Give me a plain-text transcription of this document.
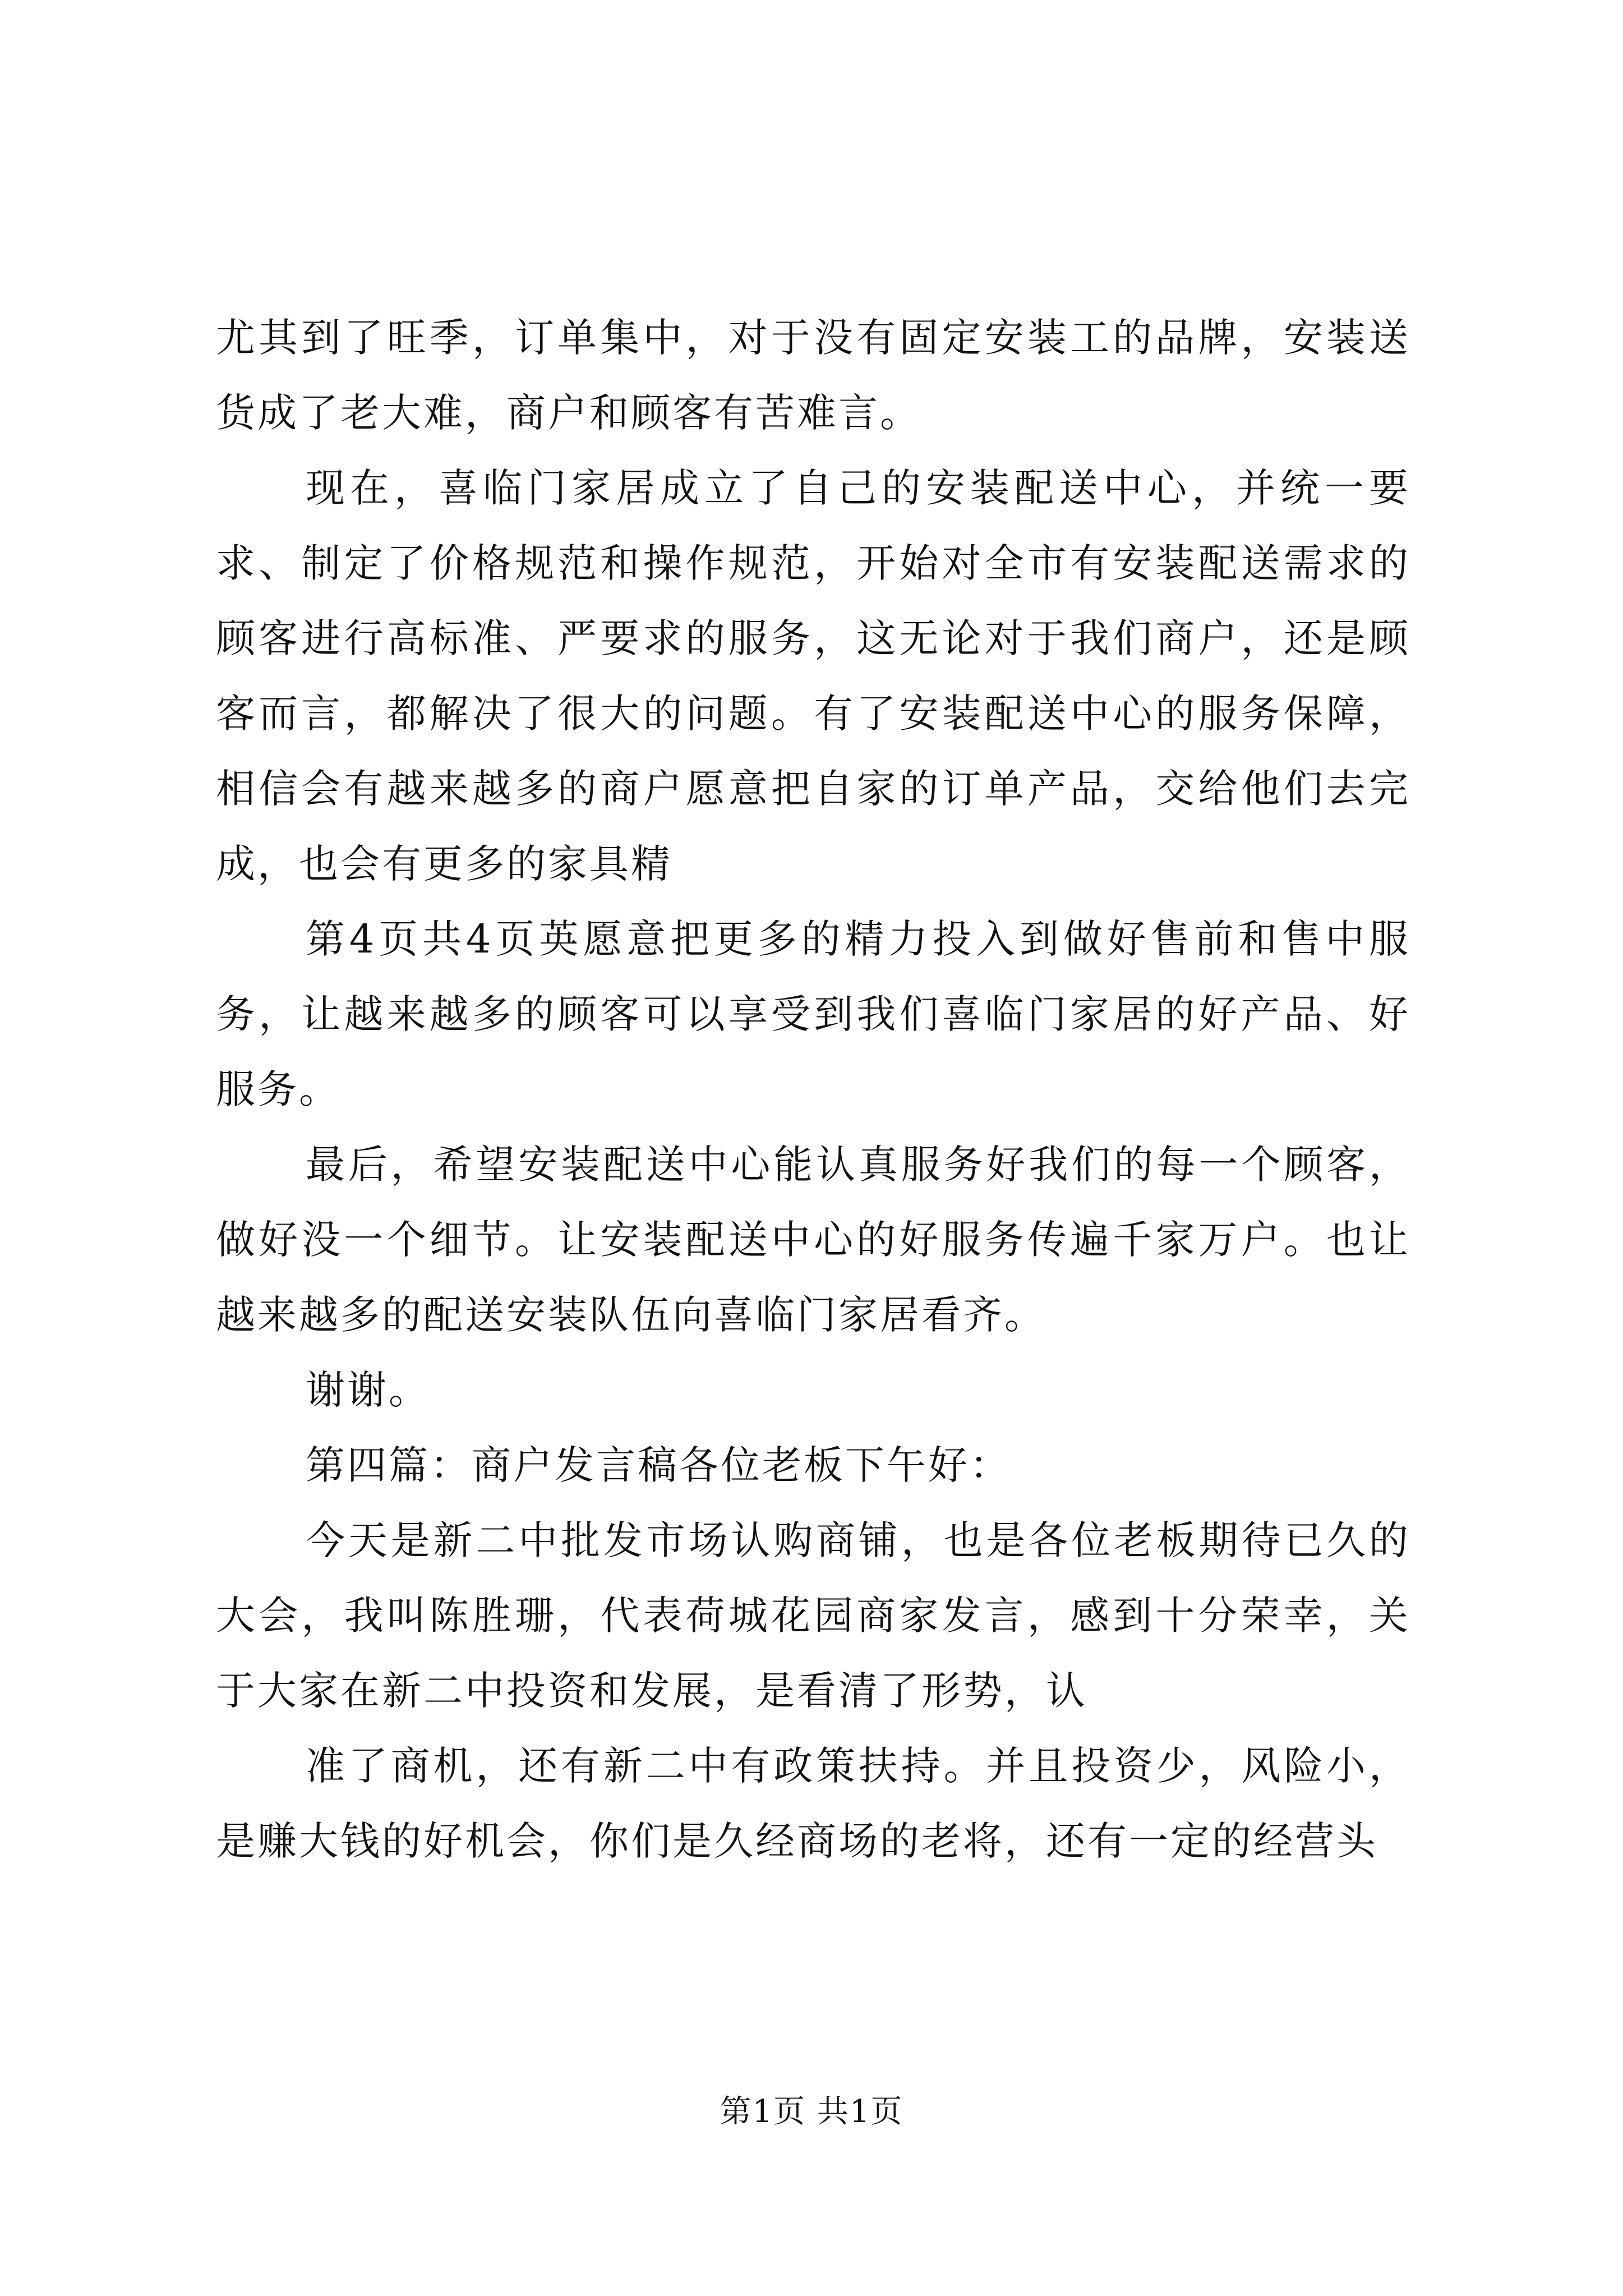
尤其到了旺季，订单集中，对于没有固定安装工的品牌，安装送货成了老大难，商户和顾客有苦难言。

现在，喜临门家居成立了自己的安装配送中心，并统一要求、制定了价格规范和操作规范，开始对全市有安装配送需求的顾客进行高标准、严要求的服务，这无论对于我们商户，还是顾客而言，都解决了很大的问题。有了安装配送中心的服务保障，相信会有越来越多的商户愿意把自家的订单产品，交给他们去完成，也会有更多的家具精

第4页共4页英愿意把更多的精力投入到做好售前和售中服务，让越来越多的顾客可以享受到我们喜临门家居的好产品、好服务。

最后，希望安装配送中心能认真服务好我们的每一个顾客，做好没一个细节。让安装配送中心的好服务传遍千家万户。也让越来越多的配送安装队伍向喜临门家居看齐。

谢谢。

第四篇：商户发言稿各位老板下午好：

今天是新二中批发市场认购商铺，也是各位老板期待已久的大会，我叫陈胜珊，代表荷城花园商家发言，感到十分荣幸，关于大家在新二中投资和发展，是看清了形势，认

准了商机，还有新二中有政策扶持。并且投资少，风险小，是赚大钱的好机会，你们是久经商场的老将，还有一定的经营头

第1页 共1页
